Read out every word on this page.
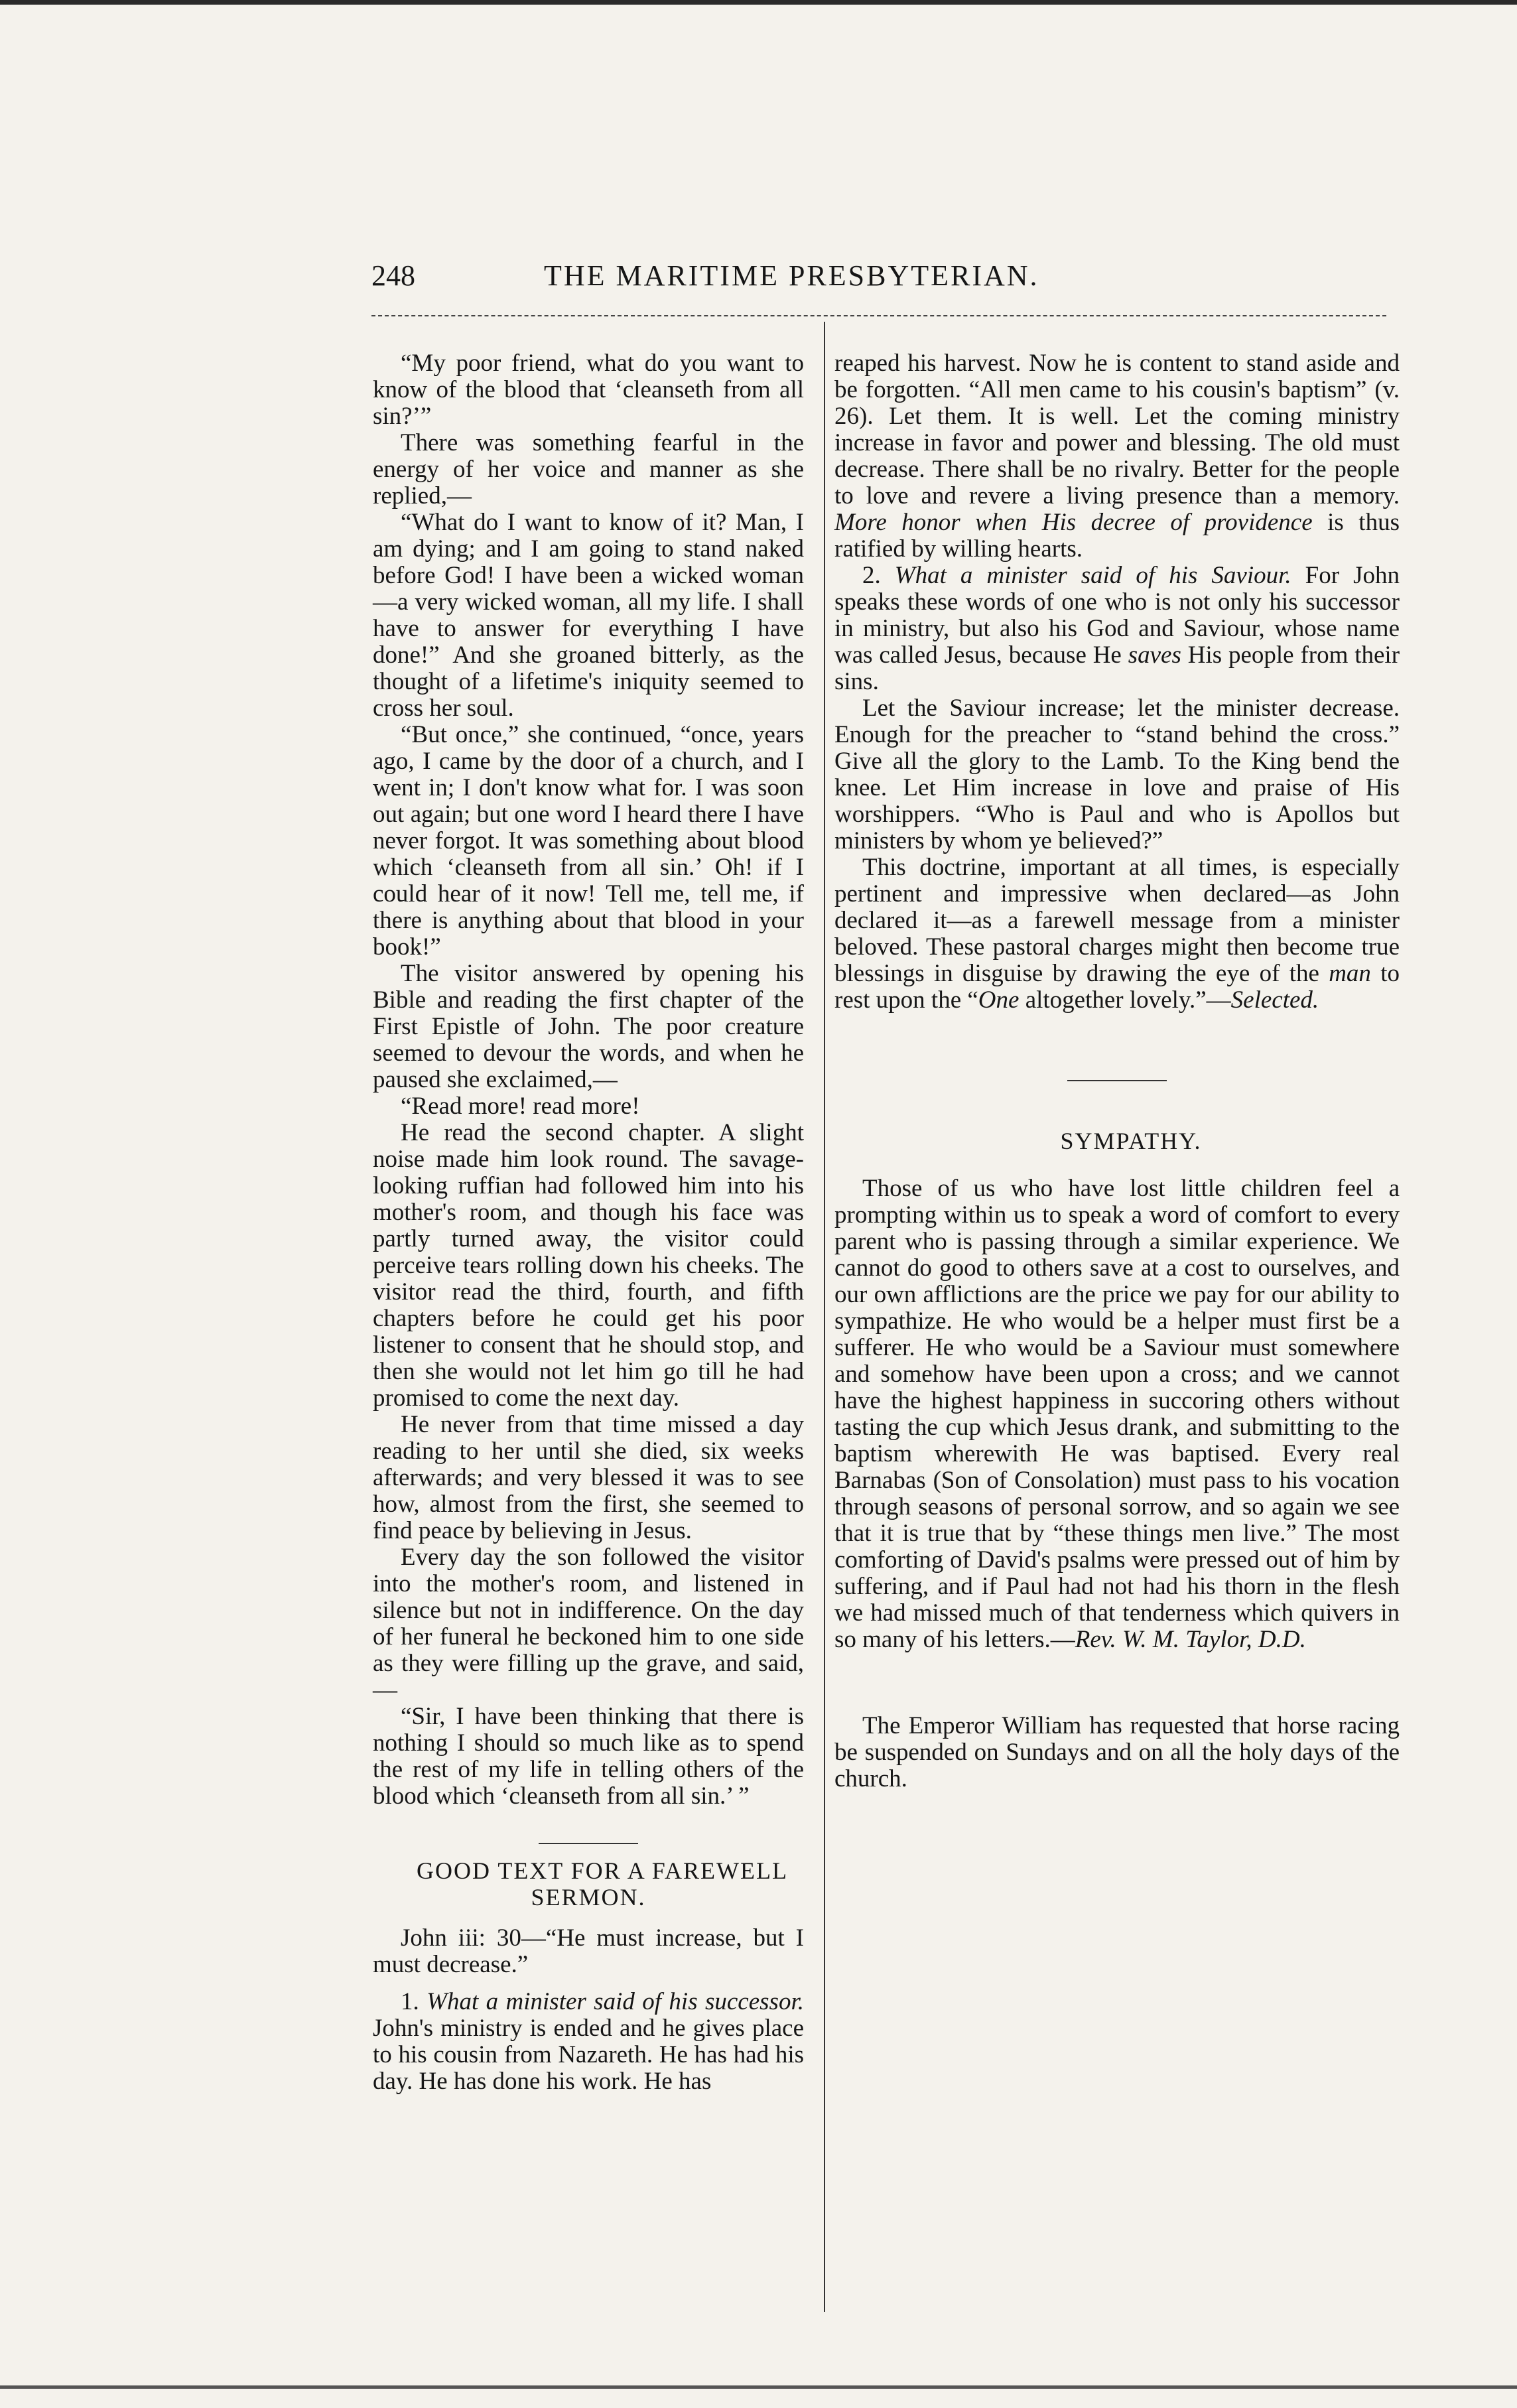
248	THE MARITIME PRESBYTERIAN.

“My poor friend, what do you want to know of the blood that ‘cleanseth from all sin?’”

There was something fearful in the energy of her voice and manner as she replied,—

“What do I want to know of it? Man, I am dying; and I am going to stand naked before God! I have been a wicked woman—a very wicked woman, all my life. I shall have to answer for everything I have done!” And she groaned bitterly, as the thought of a lifetime's iniquity seemed to cross her soul.

“But once,” she continued, “once, years ago, I came by the door of a church, and I went in; I don't know what for. I was soon out again; but one word I heard there I have never forgot. It was something about blood which ‘cleanseth from all sin.’ Oh! if I could hear of it now! Tell me, tell me, if there is anything about that blood in your book!”

The visitor answered by opening his Bible and reading the first chapter of the First Epistle of John. The poor creature seemed to devour the words, and when he paused she exclaimed,—

“Read more! read more!

He read the second chapter. A slight noise made him look round. The savage-looking ruffian had followed him into his mother's room, and though his face was partly turned away, the visitor could perceive tears rolling down his cheeks. The visitor read the third, fourth, and fifth chapters before he could get his poor listener to consent that he should stop, and then she would not let him go till he had promised to come the next day.

He never from that time missed a day reading to her until she died, six weeks afterwards; and very blessed it was to see how, almost from the first, she seemed to find peace by believing in Jesus.

Every day the son followed the visitor into the mother's room, and listened in silence but not in indifference. On the day of her funeral he beckoned him to one side as they were filling up the grave, and said,—

“Sir, I have been thinking that there is nothing I should so much like as to spend the rest of my life in telling others of the blood which ‘cleanseth from all sin.’ ”

GOOD TEXT FOR A FAREWELL SERMON.

John iii: 30—“He must increase, but I must decrease.”

1. What a minister said of his successor. John's ministry is ended and he gives place to his cousin from Nazareth. He has had his day. He has done his work. He has

reaped his harvest. Now he is content to stand aside and be forgotten. “All men came to his cousin's baptism” (v. 26). Let them. It is well. Let the coming ministry increase in favor and power and blessing. The old must decrease. There shall be no rivalry. Better for the people to love and revere a living presence than a memory. More honor when His decree of providence is thus ratified by willing hearts.

2. What a minister said of his Saviour. For John speaks these words of one who is not only his successor in ministry, but also his God and Saviour, whose name was called Jesus, because He saves His people from their sins.

Let the Saviour increase; let the minister decrease. Enough for the preacher to “stand behind the cross.” Give all the glory to the Lamb. To the King bend the knee. Let Him increase in love and praise of His worshippers. “Who is Paul and who is Apollos but ministers by whom ye believed?”

This doctrine, important at all times, is especially pertinent and impressive when declared—as John declared it—as a farewell message from a minister beloved. These pastoral charges might then become true blessings in disguise by drawing the eye of the man to rest upon the “One altogether lovely.”—Selected.

SYMPATHY.

Those of us who have lost little children feel a prompting within us to speak a word of comfort to every parent who is passing through a similar experience. We cannot do good to others save at a cost to ourselves, and our own afflictions are the price we pay for our ability to sympathize. He who would be a helper must first be a sufferer. He who would be a Saviour must somewhere and somehow have been upon a cross; and we cannot have the highest happiness in succoring others without tasting the cup which Jesus drank, and submitting to the baptism wherewith He was baptised. Every real Barnabas (Son of Consolation) must pass to his vocation through seasons of personal sorrow, and so again we see that it is true that by “these things men live.” The most comforting of David's psalms were pressed out of him by suffering, and if Paul had not had his thorn in the flesh we had missed much of that tenderness which quivers in so many of his letters.—Rev. W. M. Taylor, D.D.

The Emperor William has requested that horse racing be suspended on Sundays and on all the holy days of the church.
